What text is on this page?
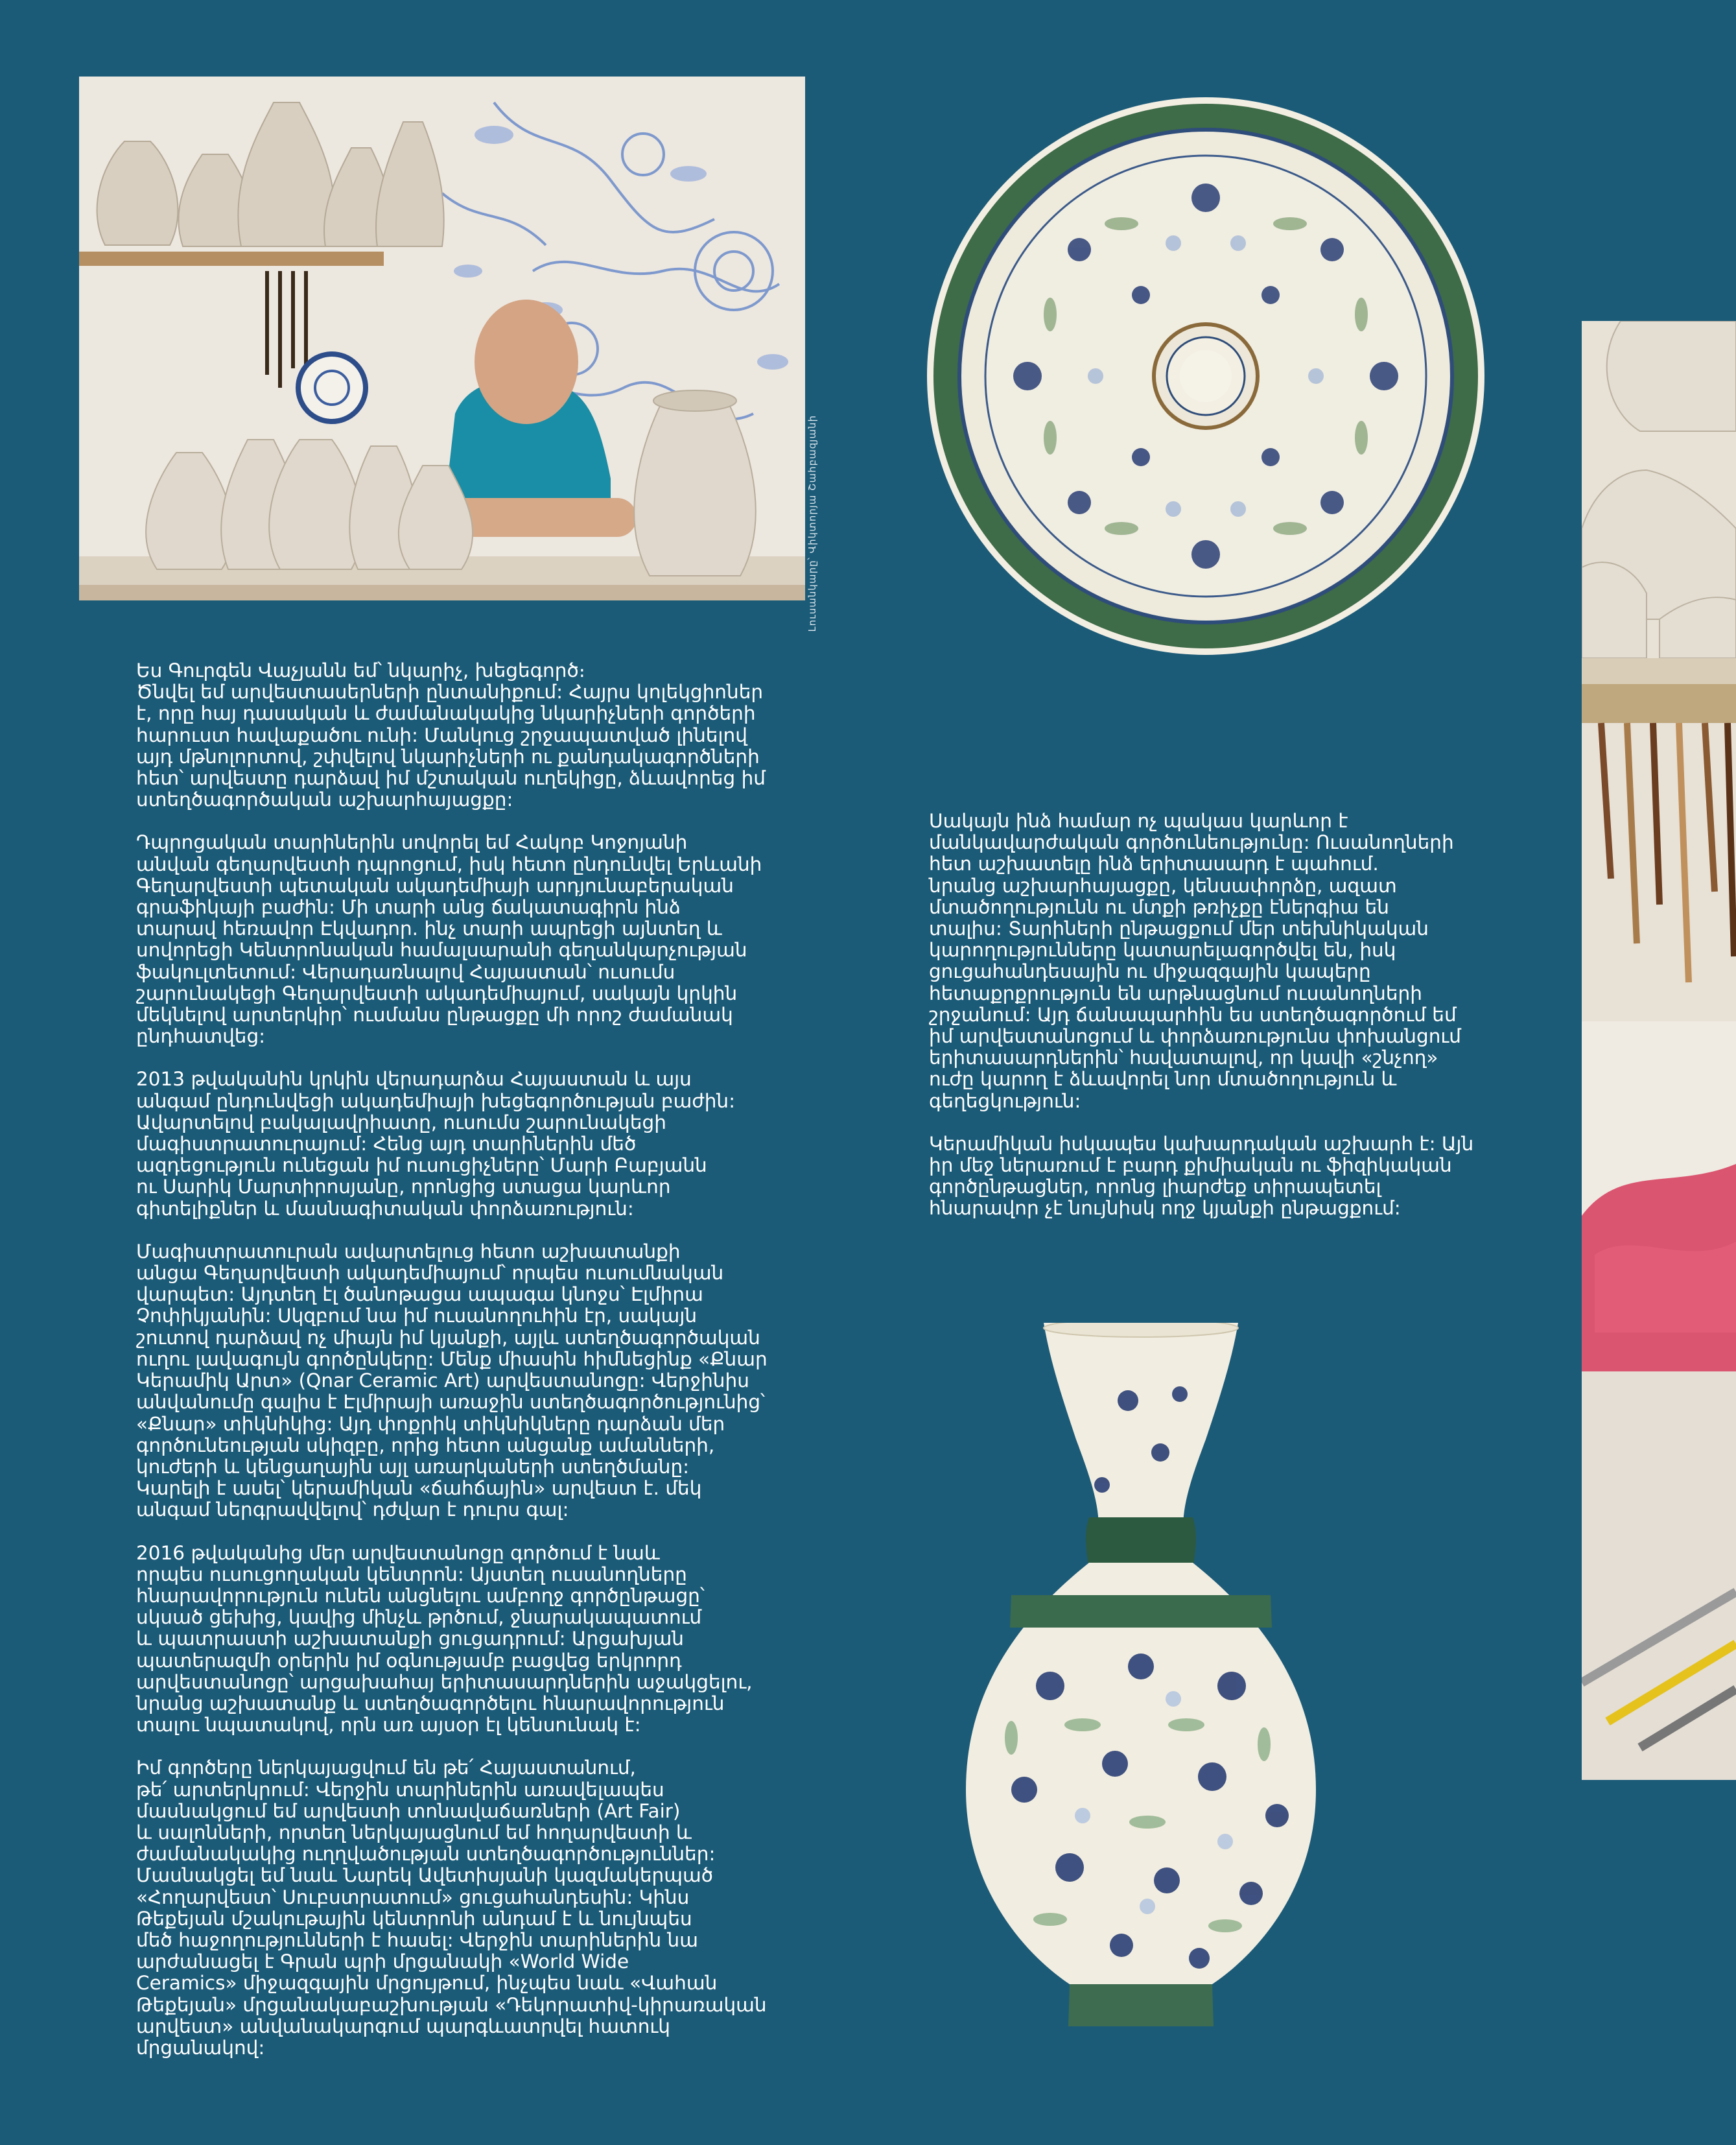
Լուսանկարը՝ Վիկտորյա Շահբազյանի

Ես Գուրգեն Վաչյանն եմ՝ նկարիչ, խեցեգործ։
Ծնվել եմ արվեստասերների ընտանիքում: Հայրս կոլեկցիոներ
է, որը հայ դասական և ժամանակակից նկարիչների գործերի
հարուստ հավաքածու ունի: Մանկուց շրջապատված լինելով
այդ մթնոլորտով, շփվելով նկարիչների ու քանդակագործների
հետ՝ արվեստը դարձավ իմ մշտական ուղեկիցը, ձևավորեց իմ
ստեղծագործական աշխարհայացքը:

Դպրոցական տարիներին սովորել եմ Հակոբ Կոջոյանի
անվան գեղարվեստի դպրոցում, իսկ հետո ընդունվել Երևանի
Գեղարվեստի պետական ակադեմիայի արդյունաբերական
գրաֆիկայի բաժին: Մի տարի անց ճակատագիրն ինձ
տարավ հեռավոր Էկվադոր. ինչ տարի ապրեցի այնտեղ և
սովորեցի Կենտրոնական համալսարանի գեղանկարչության
ֆակուլտետում: Վերադառնալով Հայաստան՝ ուսումս
շարունակեցի Գեղարվեստի ակադեմիայում, սակայն կրկին
մեկնելով արտերկիր՝ ուսմանս ընթացքը մի որոշ ժամանակ
ընդհատվեց:

2013 թվականին կրկին վերադարձա Հայաստան և այս
անգամ ընդունվեցի ակադեմիայի խեցեգործության բաժին:
Ավարտելով բակալավրիատը, ուսումս շարունակեցի
մագիստրատուրայում: Հենց այդ տարիներին մեծ
ազդեցություն ունեցան իմ ուսուցիչները՝ Մարի Բաբյանն
ու Սարիկ Մարտիրոսյանը, որոնցից ստացա կարևոր
գիտելիքներ և մասնագիտական փորձառություն:

Մագիստրատուրան ավարտելուց հետո աշխատանքի
անցա Գեղարվեստի ակադեմիայում՝ որպես ուսումնական
վարպետ: Այդտեղ էլ ծանոթացա ապագա կնոջս՝ Էլմիրա
Չոփիկյանին: Սկզբում նա իմ ուսանողուհին էր, սակայն
շուտով դարձավ ոչ միայն իմ կյանքի, այլև ստեղծագործական
ուղու լավագույն գործընկերը: Մենք միասին հիմնեցինք «Քնար
Կերամիկ Արտ» (Qnar Ceramic Art) արվեստանոցը: Վերջինիս
անվանումը գալիս է Էլմիրայի առաջին ստեղծագործությունից՝
«Քնար» տիկնիկից: Այդ փոքրիկ տիկնիկները դարձան մեր
գործունեության սկիզբը, որից հետո անցանք ամանների,
կուժերի և կենցաղային այլ առարկաների ստեղծմանը:
Կարելի է ասել՝ կերամիկան «ճահճային» արվեստ է. մեկ
անգամ ներգրավվելով՝ դժվար է դուրս գալ:

2016 թվականից մեր արվեստանոցը գործում է նաև
որպես ուսուցողական կենտրոն: Այստեղ ուսանողները
հնարավորություն ունեն անցնելու ամբողջ գործընթացը՝
սկսած ցեխից, կավից մինչև թրծում, ջնարակապատում
և պատրաստի աշխատանքի ցուցադրում: Արցախյան
պատերազմի օրերին իմ օգնությամբ բացվեց երկրորդ
արվեստանոցը՝ արցախահայ երիտասարդներին աջակցելու,
նրանց աշխատանք և ստեղծագործելու հնարավորություն
տալու նպատակով, որն առ այսօր էլ կենսունակ է:

Իմ գործերը ներկայացվում են թե՛ Հայաստանում,
թե՛ արտերկրում: Վերջին տարիներին առավելապես
մասնակցում եմ արվեստի տոնավաճառների (Art Fair)
և սալոնների, որտեղ ներկայացնում եմ հողարվեստի և
ժամանակակից ուղղվածության ստեղծագործություններ:
Մասնակցել եմ նաև Նարեկ Ավետիսյանի կազմակերպած
«Հողարվեստ՝ Սուբստրատում» ցուցահանդեսին: Կինս
Թեքեյան մշակութային կենտրոնի անդամ է և նույնպես
մեծ հաջողությունների է հասել: Վերջին տարիներին նա
արժանացել է Գրան պրի մրցանակի «World Wide
Ceramics» միջազգային մրցույթում, ինչպես նաև «Վահան
Թեքեյան» մրցանակաբաշխության «Դեկորատիվ-կիրառական
արվեստ» անվանակարգում պարգևատրվել հատուկ
մրցանակով:

Սակայն ինձ համար ոչ պակաս կարևոր է
մանկավարժական գործունեությունը: Ուսանողների
հետ աշխատելը ինձ երիտասարդ է պահում.
նրանց աշխարհայացքը, կենսափորձը, ազատ
մտածողությունն ու մտքի թռիչքը էներգիա են
տալիս: Տարիների ընթացքում մեր տեխնիկական
կարողությունները կատարելագործվել են, իսկ
ցուցահանդեսային ու միջազգային կապերը
հետաքրքրություն են արթնացնում ուսանողների
շրջանում: Այդ ճանապարհին ես ստեղծագործում եմ
իմ արվեստանոցում և փորձառությունս փոխանցում
երիտասարդներին՝ հավատալով, որ կավի «շնչող»
ուժը կարող է ձևավորել նոր մտածողություն և
գեղեցկություն:

Կերամիկան իսկապես կախարդական աշխարհ է: Այն
իր մեջ ներառում է բարդ քիմիական ու ֆիզիկական
գործընթացներ, որոնց լիարժեք տիրապետել
հնարավոր չէ նույնիսկ ողջ կյանքի ընթացքում:
